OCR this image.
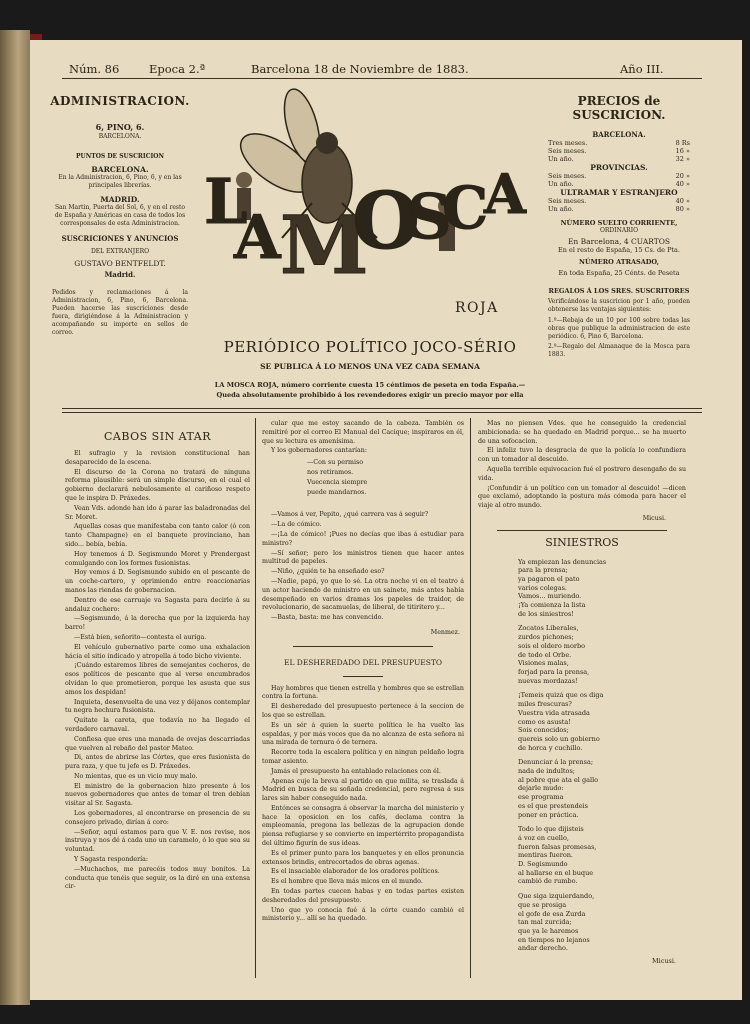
Núm. 86	Epoca 2.ª	Barcelona 18 de Noviembre de 1883.	Año III.
ADMINISTRACION.
6, PINO, 6.
BARCELONA.
PUNTOS DE SUSCRICION
BARCELONA.
En la Administracion, 6, Pino, 6, y en las principales librerías.
MADRID.
San Martin, Puerta del Sol, 6, y en el resto de España y Américas en casa de todos los corresponsales de esta Administracion.
SUSCRICIONES Y ANUNCIOS
DEL EXTRANJERO
GUSTAVO BENTFELDT.
Madrid.
Pedidos y reclamaciones á la Administracion, 6, Pino, 6, Barcelona. Pueden hacerse las suscriciones desde fuera, dirigiéndose á la Administracion y acompañando su importe en sellos de correo.
L
A M
O
S
C
A
ROJA
PERIÓDICO POLÍTICO JOCO-SÉRIO
SE PUBLICA Á LO MENOS UNA VEZ CADA SEMANA
LA MOSCA ROJA, número corriente cuesta 15 céntimos de peseta en toda España.—
Queda absolutamente prohibido á los revendedores exigir un precio mayor por ella
PRECIOS de SUSCRICION.
BARCELONA.
Tres meses.	8 Rs
Seis meses.	16 »
Un año.	32 »
PROVINCIAS.
Seis meses.	20 »
Un año.	40 »
ULTRAMAR Y ESTRANJERO
Seis meses.	40 »
Un año.	80 »
NÚMERO SUELTO CORRIENTE,
ORDINARIO
En Barcelona, 4 CUARTOS
En el resto de España, 15 Cs. de Pta.
NÚMERO ATRASADO,
En toda España, 25 Cénts. de Peseta
REGALOS Á LOS SRES. SUSCRITORES
Verificándose la suscricion por 1 año, pueden obtenerse las ventajas siguientes:
1.º—Rebaja de un 10 por 100 sobre todas las obras que publique la administracion de este periódico. 6, Pino 6, Barcelona.
2.º—Regalo del Almanaque de la Mosca para 1883.
CABOS SIN ATAR

El sufragio y la revision constitucional han desaparecido de la escena.

El discurso de la Corona no tratará de ninguna reforma plausible: será un simple discurso, en el cual el gobierno declarará nebulosamente el cariñoso respeto que le inspira D. Práxedes.

Vean Vds. adonde han ido á parar las baladronadas del Sr. Moret.

Aquellas cosas que manifestaba con tanto calor (ó con tanto Champagne) en el banquete provinciano, han sido... bebía, bebía.

Hoy tenemos á D. Segismundo Moret y Prendergast comulgando con los formes fusionistas.

Hoy vemos á D. Segismundo subido en el pescante de un coche-cartero, y oprimiendo entre reaccionarias manos las riendas de gobernacion.

Dentro de ese carruaje va Sagasta para decirle á su andaluz cochero:

—Segismundo, á la derecha que por la izquierda hay barro!

—Está bien, señorito—contesta el auriga.

El vehículo gubernativo parte como una exhalacion hácia el sitio indicado y atropella á todo bicho viviente.

¡Cuándo estaremos libres de semejantes cocheros, de esos políticos de pescante que al verse encumbrados olvidan lo que prometieron, porque les asusta que sus amos los despidan!

Inquieta, desenvuelta de una vez y déjanos contemplar tu negra hechura fusionista.

Quítate la careta, que todavía no ha llegado el verdadero carnaval.

Confiesa que eres una manada de ovejas descarriadas que vuelven al rebaño del pastor Mateo.

Di, antes de abrirse las Córtes, que eres fusionista de pura raza, y que tu jefe es D. Práxedes.

No mientas, que es un vicio muy malo.

El ministro de la gobernacion hizo presente á los nuevos gobernadores que antes de tomar el tren debían visitar al Sr. Sagasta.

Los gobernadores, al encontrarse en presencia de su consejero privado, dirían á coro:

—Señor, aquí estamos para que V. E. nos revise, nos instruya y nos dé á cada uno un caramelo, ó lo que sea su voluntad.

Y Sagasta respondería:

—Muchachos, me parecéis todos muy bonitos. La conducta que tenéis que seguir, os la diré en una extensa cir-

cular que me estoy sacando de la cabeza. También os remitiré por el correo El Manual del Cacique; inspiraros en él, que su lectura es amenísima.

Y los gobernadores cantarían:

—Con su permiso

nos retiramos.

Vuecencia siempre

puede mandarnos.

—Vamos á ver, Pepito, ¿qué carrera vas á seguir?

—La de cómico.

—¡La de cómico! ¡Pues no decías que ibas á estudiar para ministro?

—Sí señor; pero los ministros tienen que hacer antes multitud de papeles.

—Niño, ¿quién te ha enseñado eso?

—Nadie, papá, yo que lo sé. La otra noche vi en el teatro á un actor haciendo de ministro en un sainete, más antes había desempeñado en varios dramas los papeles de traidor, de revolucionario, de sacamuelas, de liberal, de titiritero y...

—Basta, basta: me has convencido.

Menmez.
EL DESHEREDADO DEL PRESUPUESTO

Hay hombres que tienen estrella y hombres que se estrellan contra la fortuna.

El desheredado del presupuesto pertenece á la seccion de los que se estrellan.

Es un sér á quien la suerte política le ha vuelto las espaldas, y por más voces que da no alcanza de esta señora ni una mirada de ternura ó de ternera.

Recorre toda la escalera política y en ningun peldaño logra tomar asiento.

Jamás el presupuesto ha entablado relaciones con él.

Apenas cuje la breva al partido en que milita, se traslada á Madrid en busca de su soñada credencial, pero regresa á sus lares sin haber conseguido nada.

Entónces se consagra á observar la marcha del ministerio y hace la oposicion en los cafés, declama contra la empleomanía, pregona las bellezas de la agrupacion donde piensa refugiarse y se convierte en impertérrito propagandista del último figurín de sus ideas.

Es el primer punto para los banquetes y en ellos pronuncia extensos brindis, entrecortados de obras agenas.

Es el insaciable elaborador de los oradores políticos.

Es el hombre que lleva más micos en el mundo.

En todas partes cuecen habas y en todas partes existen desheredados del presupuesto.

Uno que yo conocía fué á la córte cuando cambió el ministerio y... allí se ha quedado.

Mas no piensen Vdes. que he conseguido la credencial ambicionada: se ha quedado en Madrid porque... se ha muerto de una sofocacion.

El infeliz tuvo la desgracia de que la policía lo confundiera con un tomador al descuido.

Aquella terrible equivocacion fué el postrero desengaño de su vida.

¡Confundir á un político con un tomador al descuido! —dicen que exclamó, adoptando la postura más cómoda para hacer el viaje al otro mundo.

Micusi.
SINIESTROS

Ya empiezan las denuncias
para la prensa;
ya pagaron el pato
varios colegas.
Vamos... muriendo.
¡Ya comienza la lista
de los siniestros!

Zocatos Liberales,
zurdos pichones;
sois el oldero morbo
de todo el Orbe.
Visiones malas,
forjad para la prensa,
nuevas mordazas!

¡Temeis quizá que os diga
miles frescuras?
Vuestra vida atrasada
como os asusta!
Sois conocidos;
quereis solo un gobierno
de horca y cuchillo.

Denunciar á la prensa;
nada de indultos;
al pobre que ata el gallo
dejarle mudo:
ese programa
es el que prestendeis
poner en práctica.

Todo lo que dijisteis
á voz en cuello,
fueron falsas promesas,
mentiras fueron.
D. Segismundo
al hallarse en el buque
cambió de rumbo.

Que siga izquierdando,
que se prosiga
el gofe de esa Zurda
tan mal zurcida;
que ya le haremos
en tiempos no lejanos
andar derecho.

Micusi.
